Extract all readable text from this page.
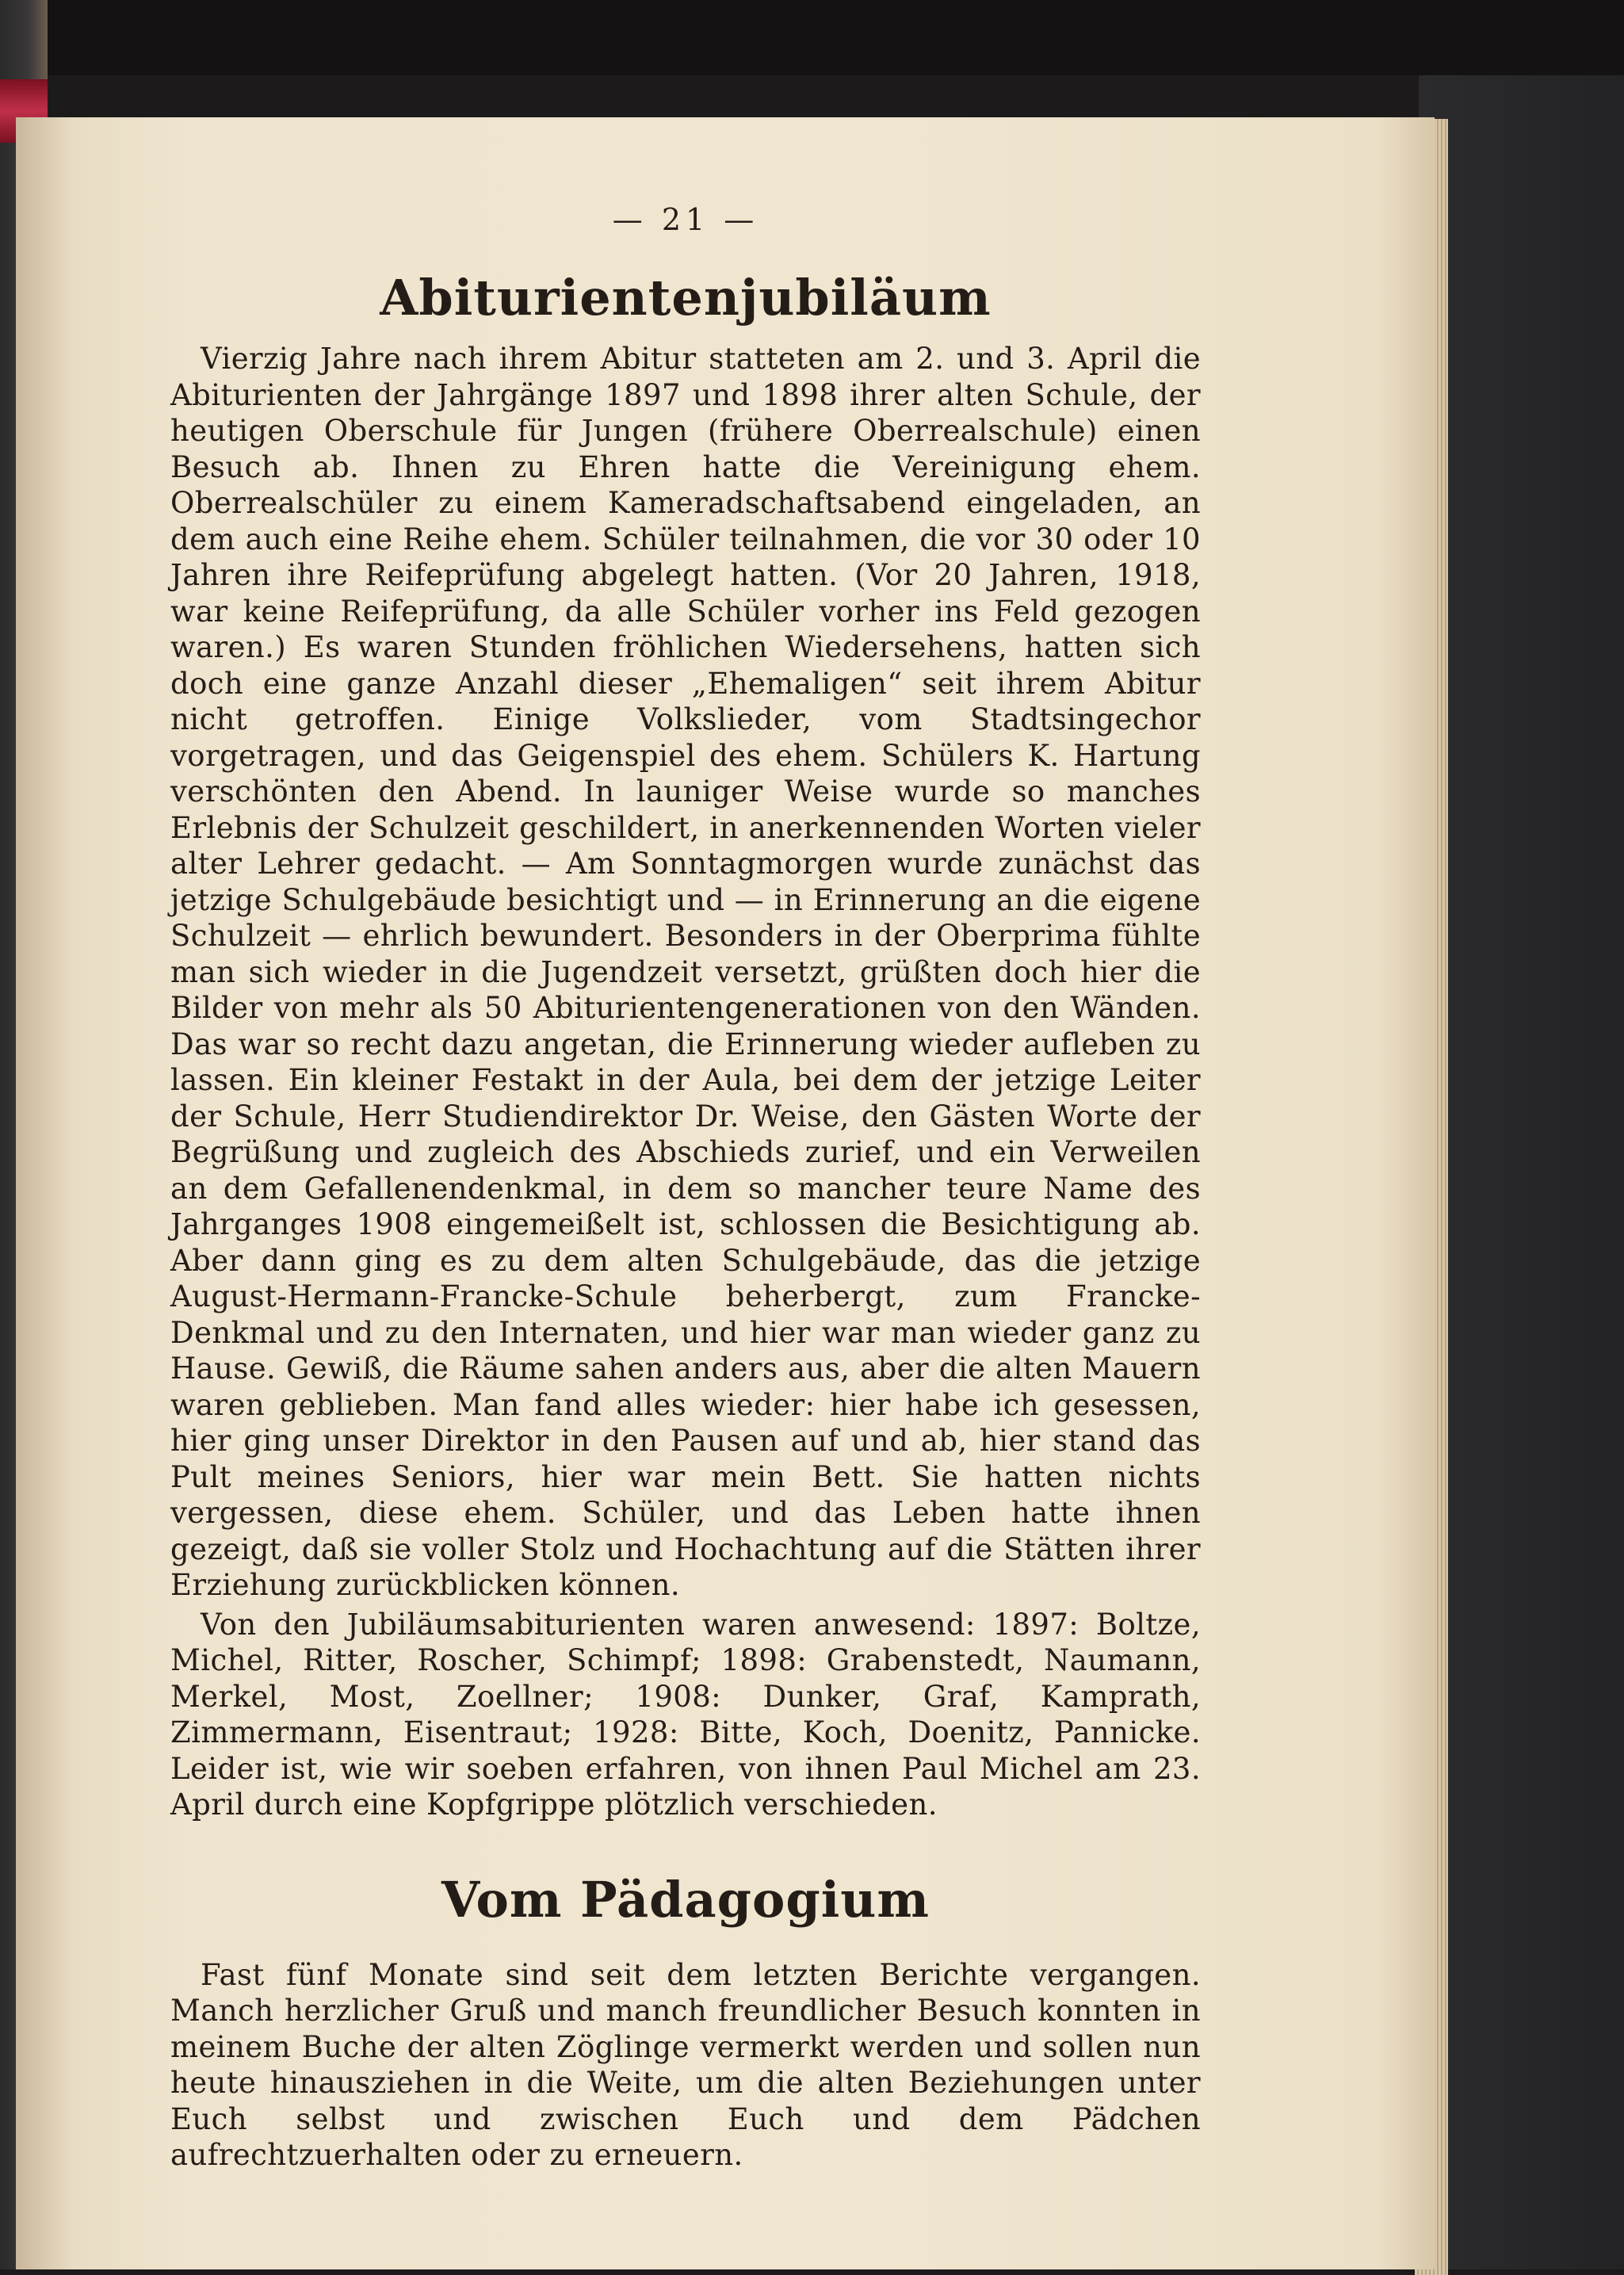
— 21 —
Abiturientenjubiläum

Vierzig Jahre nach ihrem Abitur statteten am 2. und 3. April die Abiturienten der Jahrgänge 1897 und 1898 ihrer alten Schule, der heutigen Oberschule für Jungen (frühere Oberrealschule) einen Besuch ab. Ihnen zu Ehren hatte die Vereinigung ehem. Oberrealschüler zu einem Kameradschaftsabend eingeladen, an dem auch eine Reihe ehem. Schüler teilnahmen, die vor 30 oder 10 Jahren ihre Reifeprüfung abgelegt hatten. (Vor 20 Jahren, 1918, war keine Reifeprüfung, da alle Schüler vorher ins Feld gezogen waren.) Es waren Stunden fröhlichen Wiedersehens, hatten sich doch eine ganze Anzahl dieser „Ehemaligen“ seit ihrem Abitur nicht getroffen. Einige Volkslieder, vom Stadtsingechor vorgetragen, und das Geigenspiel des ehem. Schülers K. Hartung verschönten den Abend. In launiger Weise wurde so manches Erlebnis der Schulzeit geschildert, in anerkennenden Worten vieler alter Lehrer gedacht. — Am Sonntagmorgen wurde zunächst das jetzige Schulgebäude besichtigt und — in Erinnerung an die eigene Schulzeit — ehrlich bewundert. Besonders in der Oberprima fühlte man sich wieder in die Jugendzeit versetzt, grüßten doch hier die Bilder von mehr als 50 Abiturientengenerationen von den Wänden. Das war so recht dazu angetan, die Erinnerung wieder aufleben zu lassen. Ein kleiner Festakt in der Aula, bei dem der jetzige Leiter der Schule, Herr Studiendirektor Dr. Weise, den Gästen Worte der Begrüßung und zugleich des Abschieds zurief, und ein Verweilen an dem Gefallenendenkmal, in dem so mancher teure Name des Jahrganges 1908 eingemeißelt ist, schlossen die Besichtigung ab. Aber dann ging es zu dem alten Schulgebäude, das die jetzige August-Hermann-Francke-Schule beherbergt, zum Francke-Denkmal und zu den Internaten, und hier war man wieder ganz zu Hause. Gewiß, die Räume sahen anders aus, aber die alten Mauern waren geblieben. Man fand alles wieder: hier habe ich gesessen, hier ging unser Direktor in den Pausen auf und ab, hier stand das Pult meines Seniors, hier war mein Bett. Sie hatten nichts vergessen, diese ehem. Schüler, und das Leben hatte ihnen gezeigt, daß sie voller Stolz und Hochachtung auf die Stätten ihrer Erziehung zurückblicken können.

Von den Jubiläumsabiturienten waren anwesend: 1897: Boltze, Michel, Ritter, Roscher, Schimpf; 1898: Grabenstedt, Naumann, Merkel, Most, Zoellner; 1908: Dunker, Graf, Kamprath, Zimmermann, Eisentraut; 1928: Bitte, Koch, Doenitz, Pannicke. Leider ist, wie wir soeben erfahren, von ihnen Paul Michel am 23. April durch eine Kopfgrippe plötzlich verschieden.

Vom Pädagogium

Fast fünf Monate sind seit dem letzten Berichte vergangen. Manch herzlicher Gruß und manch freundlicher Besuch konnten in meinem Buche der alten Zöglinge vermerkt werden und sollen nun heute hinausziehen in die Weite, um die alten Beziehungen unter Euch selbst und zwischen Euch und dem Pädchen aufrechtzuerhalten oder zu erneuern.
